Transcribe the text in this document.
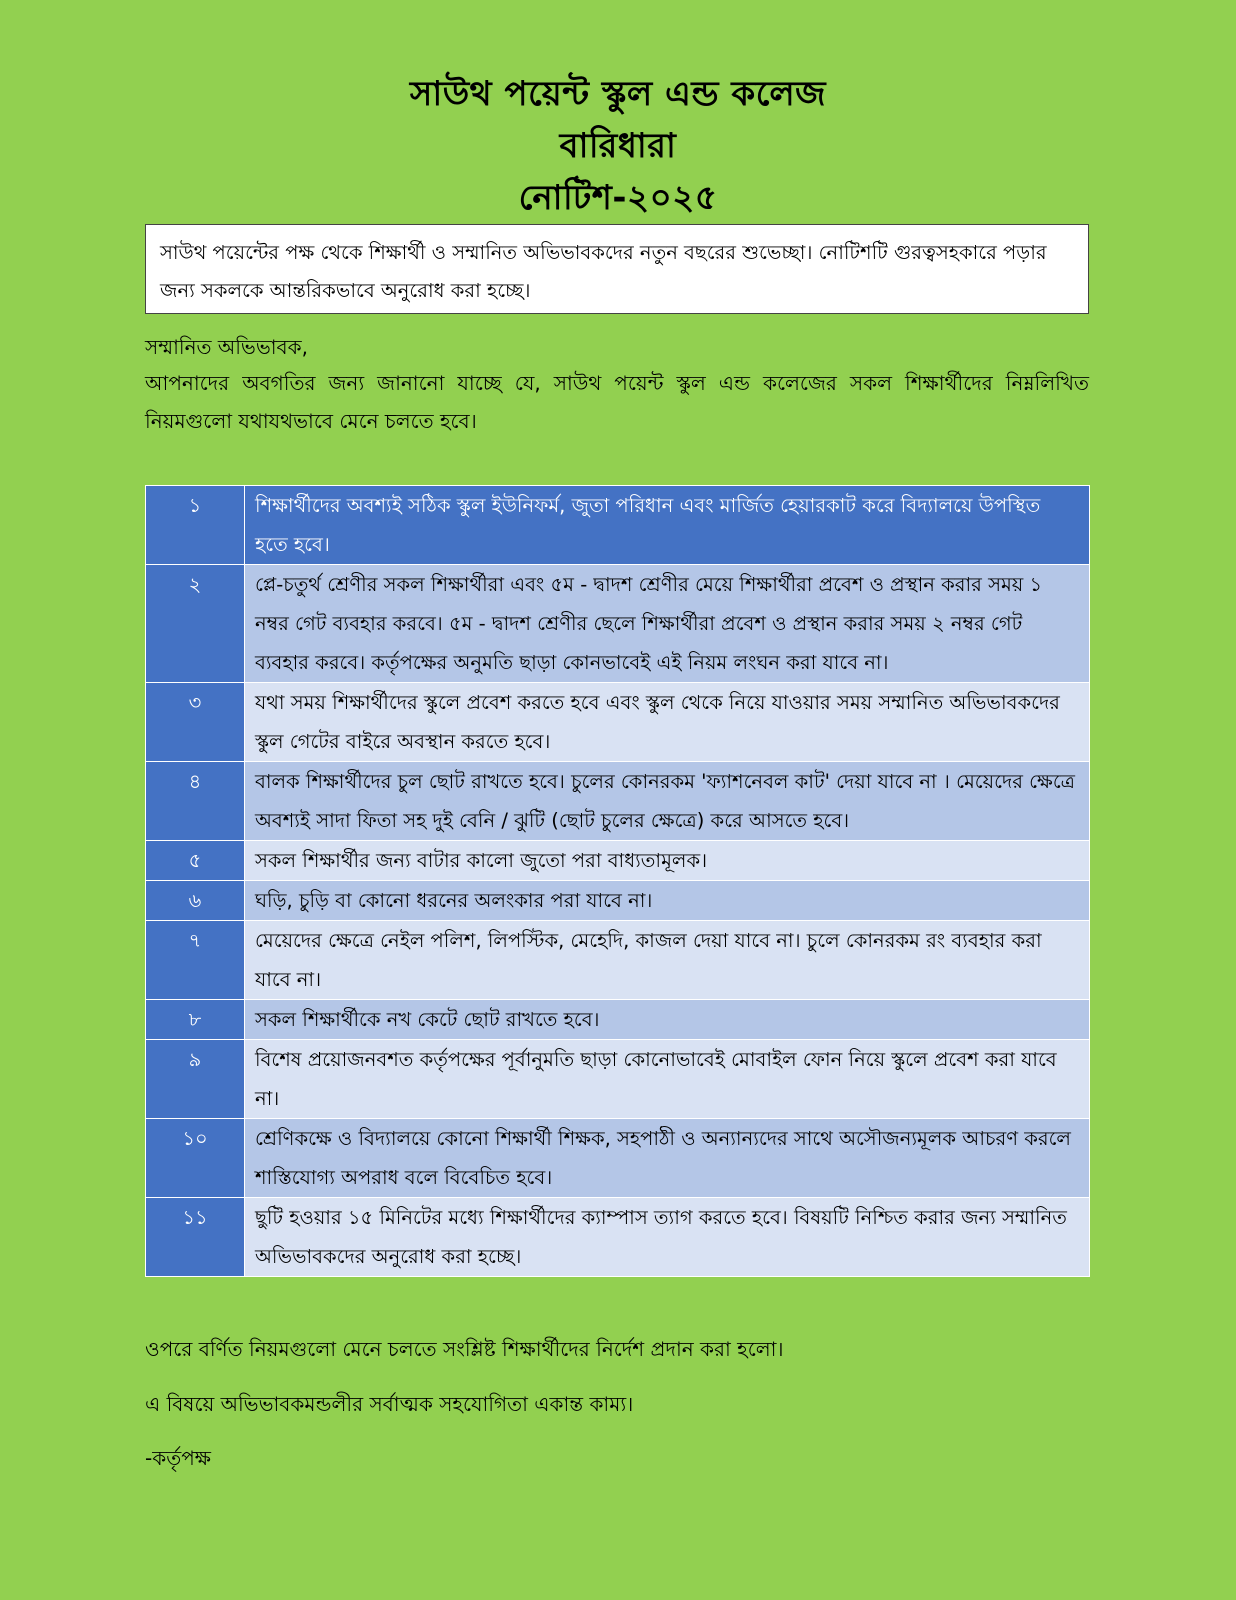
সাউথ পয়েন্ট স্কুল এন্ড কলেজ
বারিধারা
নোটিশ-২০২৫
সাউথ পয়েন্টের পক্ষ থেকে শিক্ষার্থী ও সম্মানিত অভিভাবকদের নতুন বছরের শুভেচ্ছা। নোটিশটি গুরত্বসহকারে পড়ার জন্য সকলকে আন্তরিকভাবে অনুরোধ করা হচ্ছে।
সম্মানিত অভিভাবক,
আপনাদের অবগতির জন্য জানানো যাচ্ছে যে, সাউথ পয়েন্ট স্কুল এন্ড কলেজের সকল শিক্ষার্থীদের নিম্নলিখিত নিয়মগুলো যথাযথভাবে মেনে চলতে হবে।
১	শিক্ষার্থীদের অবশ্যই সঠিক স্কুল ইউনিফর্ম, জুতা পরিধান এবং মার্জিত হেয়ারকাট করে বিদ্যালয়ে উপস্থিত হতে হবে।
২	প্লে-চতুর্থ শ্রেণীর সকল শিক্ষার্থীরা এবং ৫ম - দ্বাদশ শ্রেণীর মেয়ে শিক্ষার্থীরা প্রবেশ ও প্রস্থান করার সময় ১ নম্বর গেট ব্যবহার করবে। ৫ম - দ্বাদশ শ্রেণীর ছেলে শিক্ষার্থীরা প্রবেশ ও প্রস্থান করার সময় ২ নম্বর গেট ব্যবহার করবে। কর্তৃপক্ষের অনুমতি ছাড়া কোনভাবেই এই নিয়ম লংঘন করা যাবে না।
৩	যথা সময় শিক্ষার্থীদের স্কুলে প্রবেশ করতে হবে এবং স্কুল থেকে নিয়ে যাওয়ার সময় সম্মানিত অভিভাবকদের স্কুল গেটের বাইরে অবস্থান করতে হবে।
৪	বালক শিক্ষার্থীদের চুল ছোট রাখতে হবে। চুলের কোনরকম 'ফ্যাশনেবল কাট' দেয়া যাবে না । মেয়েদের ক্ষেত্রে অবশ্যই সাদা ফিতা সহ দুই বেনি / ঝুটি (ছোট চুলের ক্ষেত্রে) করে আসতে হবে।
৫	সকল শিক্ষার্থীর জন্য বাটার কালো জুতো পরা বাধ্যতামূলক।
৬	ঘড়ি, চুড়ি বা কোনো ধরনের অলংকার পরা যাবে না।
৭	মেয়েদের ক্ষেত্রে নেইল পলিশ, লিপস্টিক, মেহেদি, কাজল দেয়া যাবে না। চুলে কোনরকম রং ব্যবহার করা যাবে না।
৮	সকল শিক্ষার্থীকে নখ কেটে ছোট রাখতে হবে।
৯	বিশেষ প্রয়োজনবশত কর্তৃপক্ষের পূর্বানুমতি ছাড়া কোনোভাবেই মোবাইল ফোন নিয়ে স্কুলে প্রবেশ করা যাবে না।
১০	শ্রেণিকক্ষে ও বিদ্যালয়ে কোনো শিক্ষার্থী শিক্ষক, সহপাঠী ও অন্যান্যদের সাথে অসৌজন্যমূলক আচরণ করলে শাস্তিযোগ্য অপরাধ বলে বিবেচিত হবে।
১১	ছুটি হওয়ার ১৫ মিনিটের মধ্যে শিক্ষার্থীদের ক্যাম্পাস ত্যাগ করতে হবে। বিষয়টি নিশ্চিত করার জন্য সম্মানিত অভিভাবকদের অনুরোধ করা হচ্ছে।
ওপরে বর্ণিত নিয়মগুলো মেনে চলতে সংশ্লিষ্ট শিক্ষার্থীদের নির্দেশ প্রদান করা হলো।
এ বিষয়ে অভিভাবকমন্ডলীর সর্বাত্মক সহযোগিতা একান্ত কাম্য।
-কর্তৃপক্ষ
